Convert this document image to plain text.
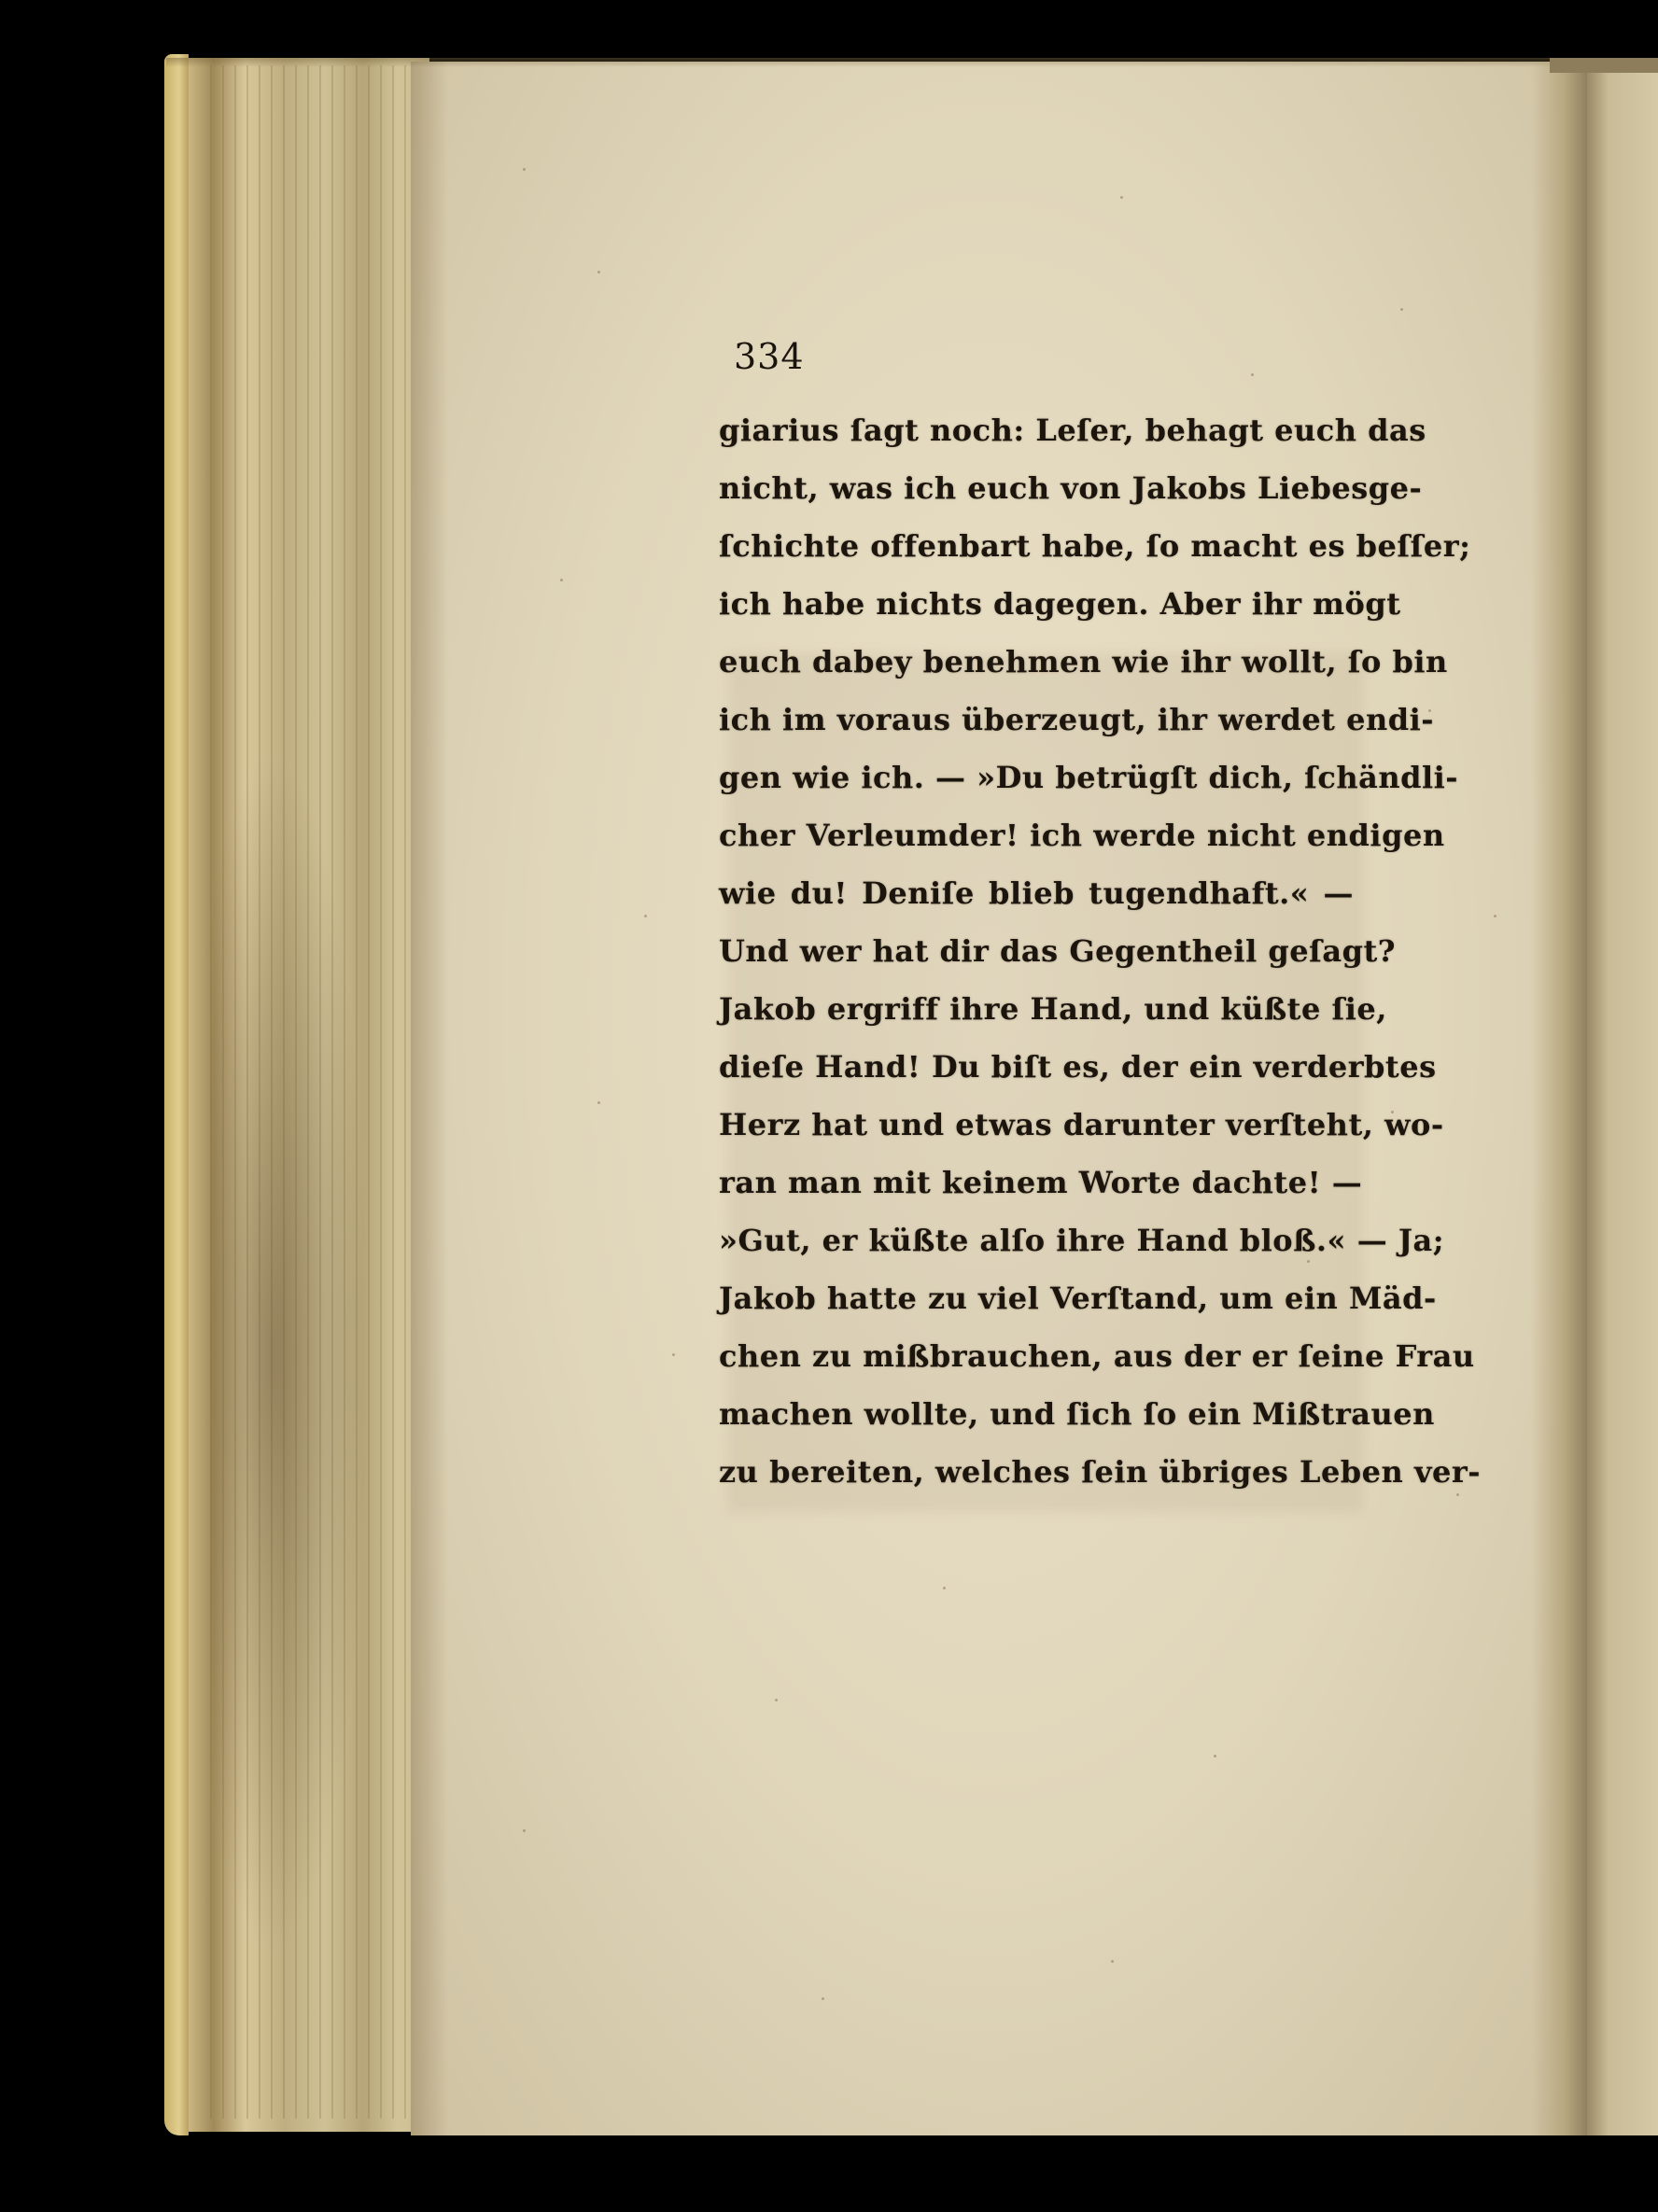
334
giarius ſagt noch: Leſer, behagt euch das
nicht, was ich euch von Jakobs Liebesge-
ſchichte offenbart habe, ſo macht es beſſer;
ich habe nichts dagegen. Aber ihr mögt
euch dabey benehmen wie ihr wollt, ſo bin
ich im voraus überzeugt, ihr werdet endi-
gen wie ich. — »Du betrügſt dich, ſchändli-
cher Verleumder! ich werde nicht endigen
wie du! Deniſe blieb tugendhaft.« —
Und wer hat dir das Gegentheil geſagt?
Jakob ergriff ihre Hand, und küßte ſie,
dieſe Hand! Du biſt es, der ein verderbtes
Herz hat und etwas darunter verſteht, wo-
ran man mit keinem Worte dachte! —
»Gut, er küßte alſo ihre Hand bloß.« — Ja;
Jakob hatte zu viel Verſtand, um ein Mäd-
chen zu mißbrauchen, aus der er ſeine Frau
machen wollte, und ſich ſo ein Mißtrauen
zu bereiten, welches ſein übriges Leben ver-
